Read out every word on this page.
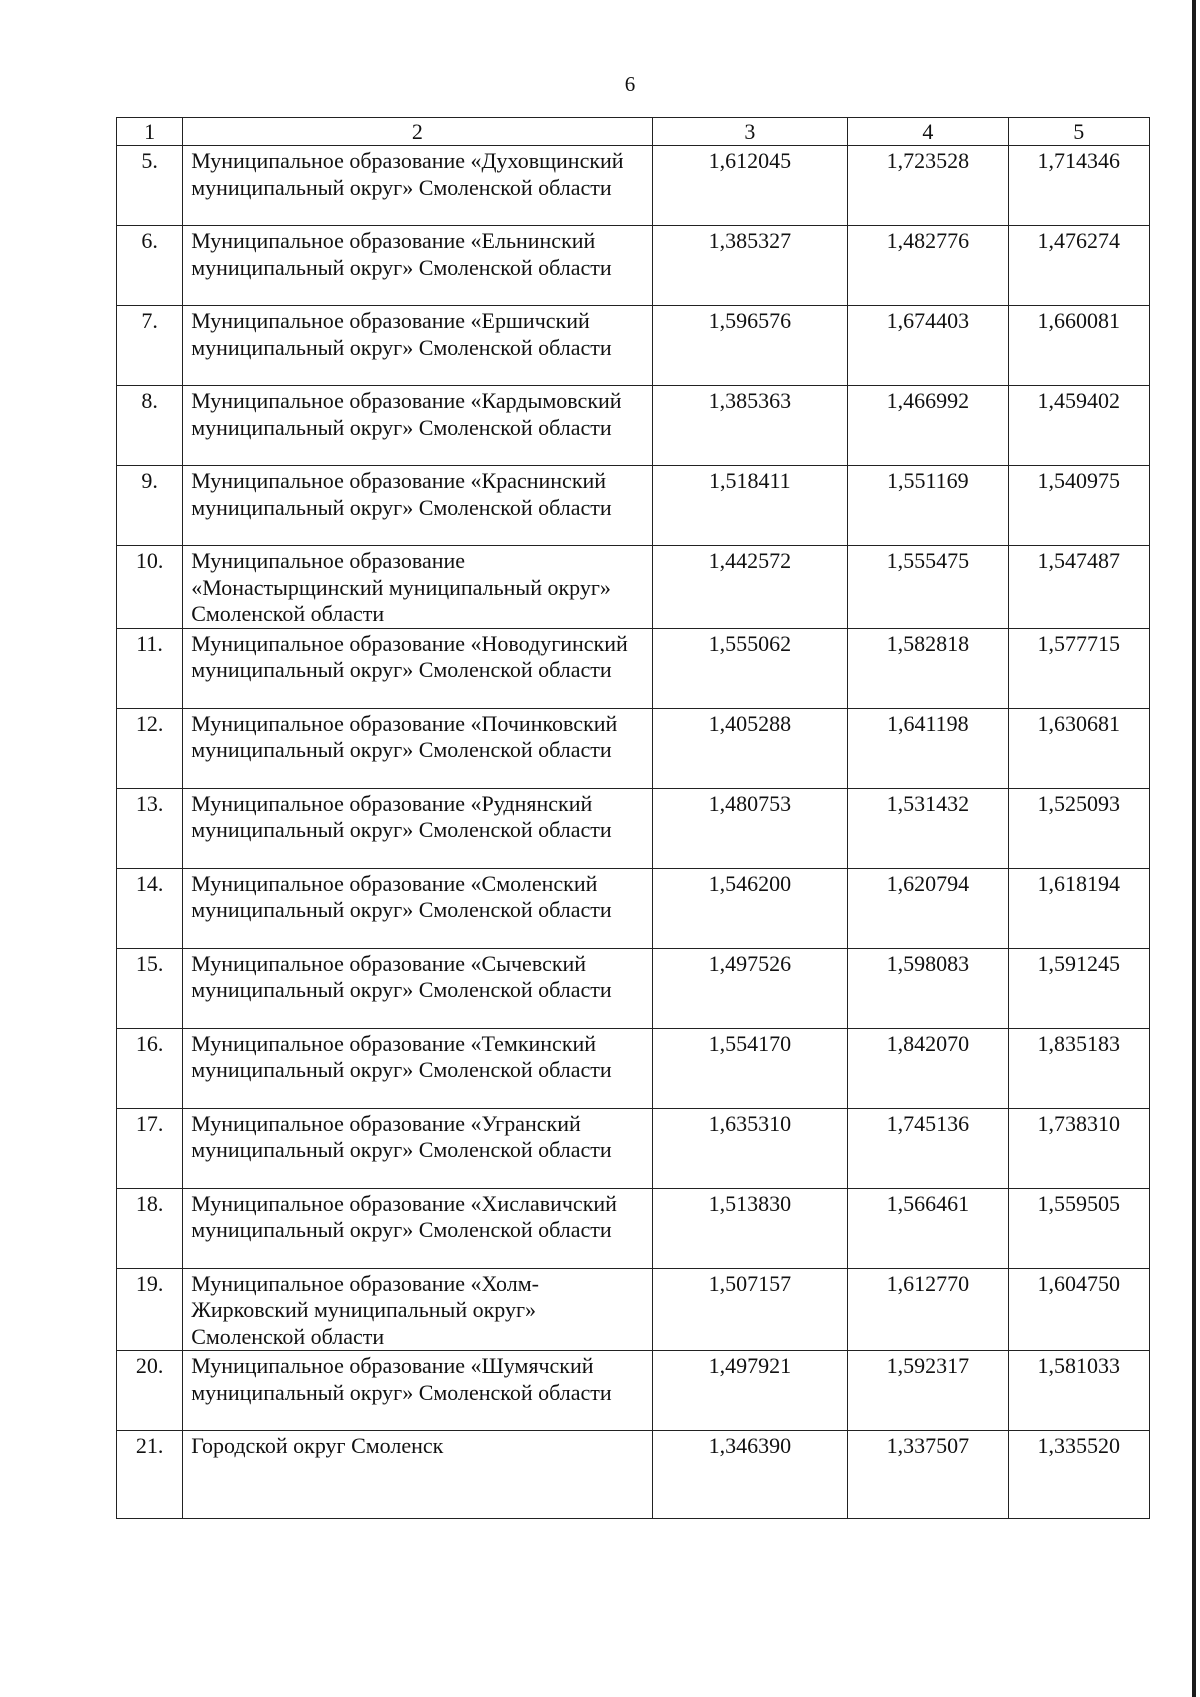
6
1	2	3	4	5
5.	Муниципальное образование «Духовщинский муниципальный округ» Смоленской области	1,612045	1,723528	1,714346
6.	Муниципальное образование «Ельнинский муниципальный округ» Смоленской области	1,385327	1,482776	1,476274
7.	Муниципальное образование «Ершичский муниципальный округ» Смоленской области	1,596576	1,674403	1,660081
8.	Муниципальное образование «Кардымовский муниципальный округ» Смоленской области	1,385363	1,466992	1,459402
9.	Муниципальное образование «Краснинский муниципальный округ» Смоленской области	1,518411	1,551169	1,540975
10.	Муниципальное образование «Монастырщинский муниципальный округ» Смоленской области	1,442572	1,555475	1,547487
11.	Муниципальное образование «Новодугинский муниципальный округ» Смоленской области	1,555062	1,582818	1,577715
12.	Муниципальное образование «Починковский муниципальный округ» Смоленской области	1,405288	1,641198	1,630681
13.	Муниципальное образование «Руднянский муниципальный округ» Смоленской области	1,480753	1,531432	1,525093
14.	Муниципальное образование «Смоленский муниципальный округ» Смоленской области	1,546200	1,620794	1,618194
15.	Муниципальное образование «Сычевский муниципальный округ» Смоленской области	1,497526	1,598083	1,591245
16.	Муниципальное образование «Темкинский муниципальный округ» Смоленской области	1,554170	1,842070	1,835183
17.	Муниципальное образование «Угранский муниципальный округ» Смоленской области	1,635310	1,745136	1,738310
18.	Муниципальное образование «Хиславичский муниципальный округ» Смоленской области	1,513830	1,566461	1,559505
19.	Муниципальное образование «Холм-Жирковский муниципальный округ» Смоленской области	1,507157	1,612770	1,604750
20.	Муниципальное образование «Шумячский муниципальный округ» Смоленской области	1,497921	1,592317	1,581033
21.	Городской округ Смоленск	1,346390	1,337507	1,335520
